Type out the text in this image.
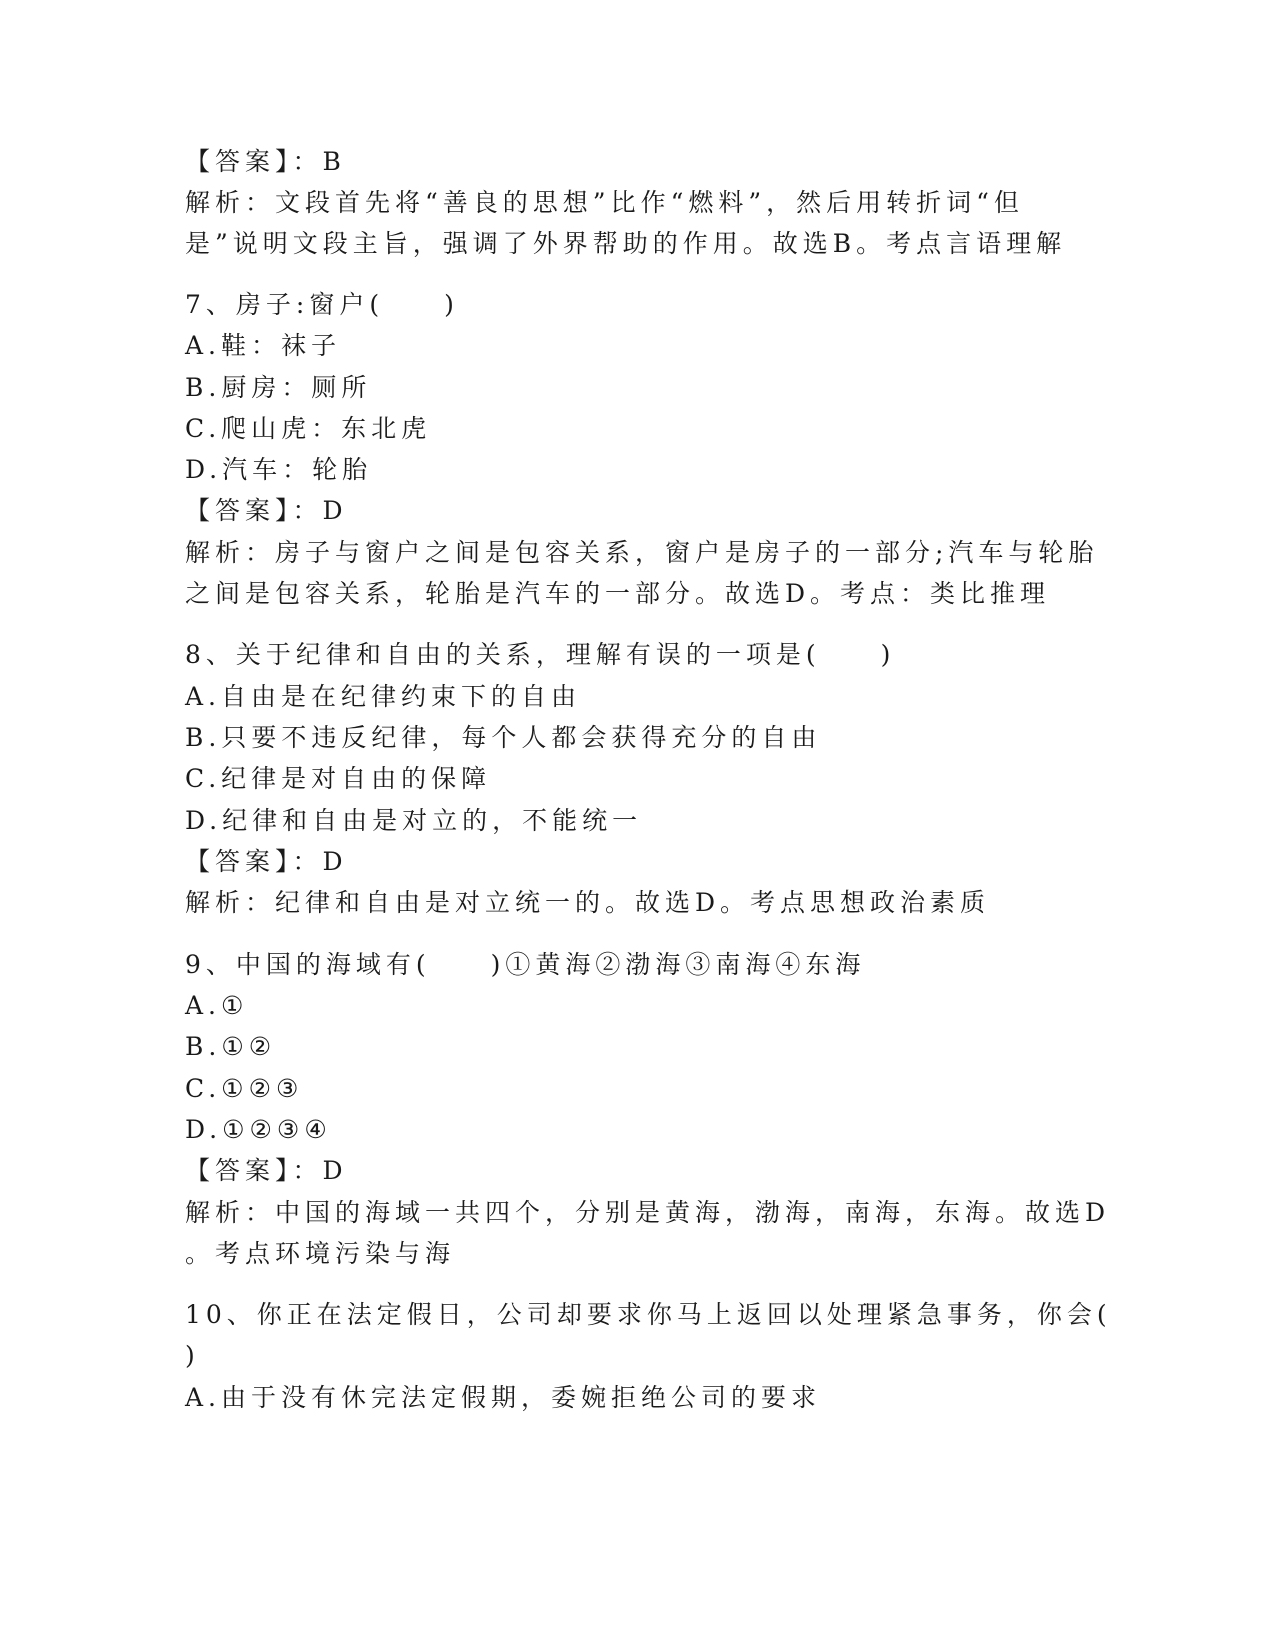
【答案】：B
解析：文段首先将“善良的思想”比作“燃料”，然后用转折词“但
是”说明文段主旨，强调了外界帮助的作用。故选B。考点言语理解
7、房子:窗户(　　)
A.鞋：袜子
B.厨房：厕所
C.爬山虎：东北虎
D.汽车：轮胎
【答案】：D
解析：房子与窗户之间是包容关系，窗户是房子的一部分;汽车与轮胎
之间是包容关系，轮胎是汽车的一部分。故选D。考点：类比推理
8、关于纪律和自由的关系，理解有误的一项是(　　)
A.自由是在纪律约束下的自由
B.只要不违反纪律，每个人都会获得充分的自由
C.纪律是对自由的保障
D.纪律和自由是对立的，不能统一
【答案】：D
解析：纪律和自由是对立统一的。故选D。考点思想政治素质
9、中国的海域有(　　)①黄海②渤海③南海④东海
A.①
B.①②
C.①②③
D.①②③④
【答案】：D
解析：中国的海域一共四个，分别是黄海，渤海，南海，东海。故选D
。考点环境污染与海
10、你正在法定假日，公司却要求你马上返回以处理紧急事务，你会(
)
A.由于没有休完法定假期，委婉拒绝公司的要求
